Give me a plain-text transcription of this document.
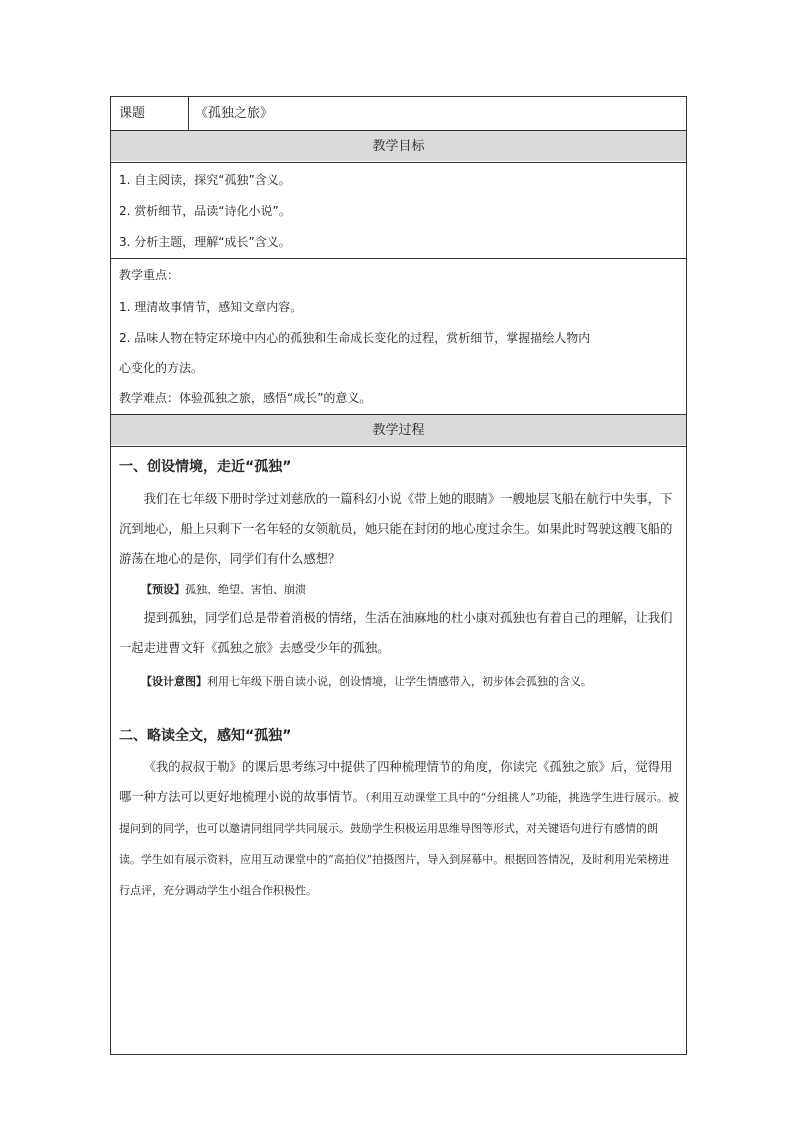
课题	《孤独之旅》
教学目标
1. 自主阅读，探究“孤独”含义。
2. 赏析细节，品读“诗化小说”。
3. 分析主题，理解“成长”含义。
教学重点：
1. 理清故事情节，感知文章内容。
2. 品味人物在特定环境中内心的孤独和生命成长变化的过程，赏析细节，掌握描绘人物内
心变化的方法。
教学难点：体验孤独之旅，感悟“成长”的意义。
教学过程
一、创设情境，走近“孤独”
我们在七年级下册时学过刘慈欣的一篇科幻小说《带上她的眼睛》一艘地层飞船在航行中失事，下沉到地心，船上只剩下一名年轻的女领航员，她只能在封闭的地心度过余生。如果此时驾驶这艘飞船的游荡在地心的是你，同学们有什么感想？
【预设】孤独、绝望、害怕、崩溃
提到孤独，同学们总是带着消极的情绪，生活在油麻地的杜小康对孤独也有着自己的理解，让我们一起走进曹文轩《孤独之旅》去感受少年的孤独。
【设计意图】利用七年级下册自读小说，创设情境，让学生情感带入，初步体会孤独的含义。
二、略读全文，感知“孤独”
《我的叔叔于勒》的课后思考练习中提供了四种梳理情节的角度，你读完《孤独之旅》后，觉得用哪一种方法可以更好地梳理小说的故事情节。（利用互动课堂工具中的“分组挑人”功能，挑选学生进行展示。被提问到的同学，也可以邀请同组同学共同展示。鼓励学生积极运用思维导图等形式，对关键语句进行有感情的朗读。学生如有展示资料，应用互动课堂中的“高拍仪”拍摄图片，导入到屏幕中。根据回答情况，及时利用光荣榜进行点评，充分调动学生小组合作积极性。
